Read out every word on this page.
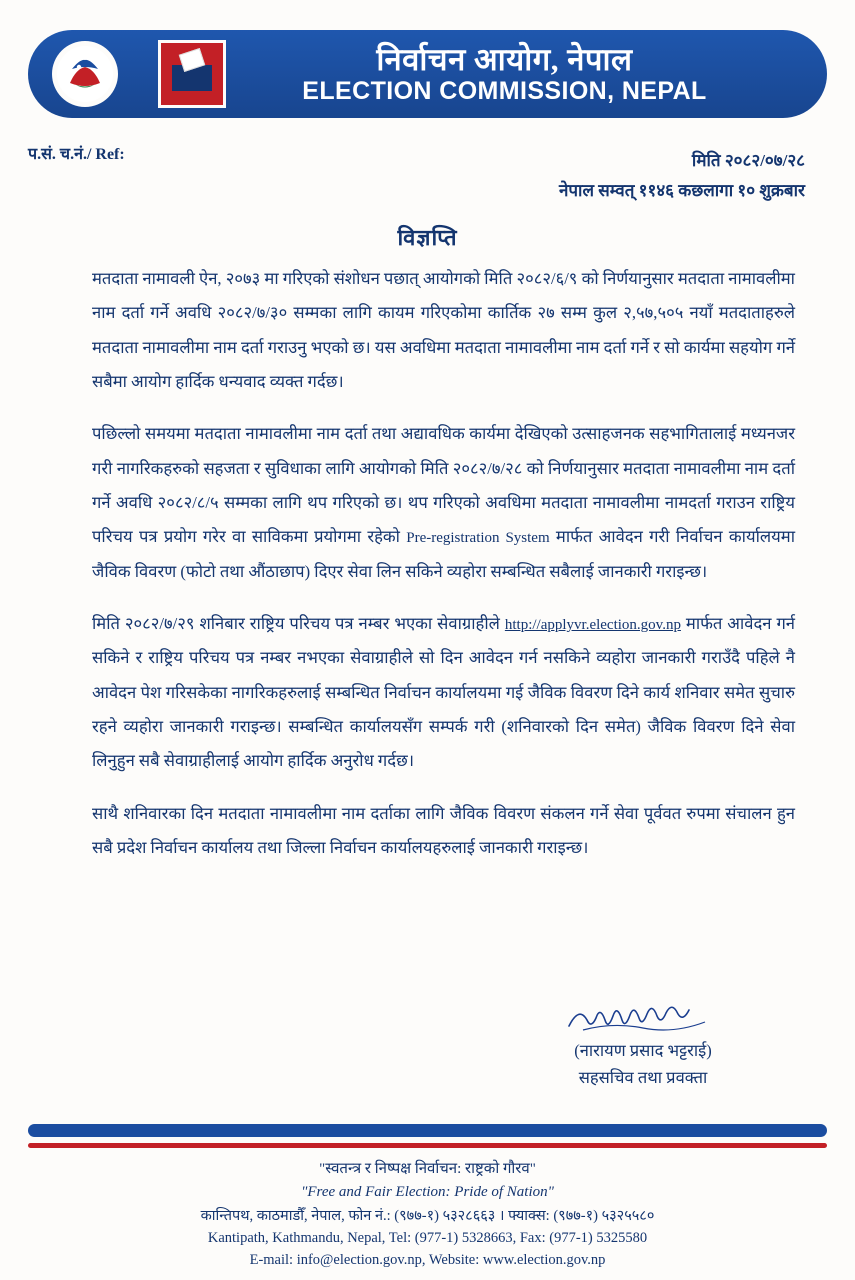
निर्वाचन आयोग, नेपाल
ELECTION COMMISSION, NEPAL
प.सं. च.नं./ Ref:	मिति २०८२/०७/२८
नेपाल सम्वत् ११४६ कछलागा १० शुक्रबार
विज्ञप्ति

मतदाता नामावली ऐन, २०७३ मा गरिएको संशोधन पछात् आयोगको मिति २०८२/६/९ को निर्णयानुसार मतदाता नामावलीमा नाम दर्ता गर्ने अवधि २०८२/७/३० सम्मका लागि कायम गरिएकोमा कार्तिक २७ सम्म कुल २,५७,५०५ नयाँ मतदाताहरुले मतदाता नामावलीमा नाम दर्ता गराउनु भएको छ। यस अवधिमा मतदाता नामावलीमा नाम दर्ता गर्ने र सो कार्यमा सहयोग गर्ने सबैमा आयोग हार्दिक धन्यवाद व्यक्त गर्दछ।

पछिल्लो समयमा मतदाता नामावलीमा नाम दर्ता तथा अद्यावधिक कार्यमा देखिएको उत्साहजनक सहभागितालाई मध्यनजर गरी नागरिकहरुको सहजता र सुविधाका लागि आयोगको मिति २०८२/७/२८ को निर्णयानुसार मतदाता नामावलीमा नाम दर्ता गर्ने अवधि २०८२/८/५ सम्मका लागि थप गरिएको छ। थप गरिएको अवधिमा मतदाता नामावलीमा नामदर्ता गराउन राष्ट्रिय परिचय पत्र प्रयोग गरेर वा साविकमा प्रयोगमा रहेको Pre-registration System मार्फत आवेदन गरी निर्वाचन कार्यालयमा जैविक विवरण (फोटो तथा औंठाछाप) दिएर सेवा लिन सकिने व्यहोरा सम्बन्धित सबैलाई जानकारी गराइन्छ।

मिति २०८२/७/२९ शनिबार राष्ट्रिय परिचय पत्र नम्बर भएका सेवाग्राहीले http://applyvr.election.gov.np मार्फत आवेदन गर्न सकिने र राष्ट्रिय परिचय पत्र नम्बर नभएका सेवाग्राहीले सो दिन आवेदन गर्न नसकिने व्यहोरा जानकारी गराउँदै पहिले नै आवेदन पेश गरिसकेका नागरिकहरुलाई सम्बन्धित निर्वाचन कार्यालयमा गई जैविक विवरण दिने कार्य शनिवार समेत सुचारु रहने व्यहोरा जानकारी गराइन्छ। सम्बन्धित कार्यालयसँग सम्पर्क गरी (शनिवारको दिन समेत) जैविक विवरण दिने सेवा लिनुहुन सबै सेवाग्राहीलाई आयोग हार्दिक अनुरोध गर्दछ।

साथै शनिवारका दिन मतदाता नामावलीमा नाम दर्ताका लागि जैविक विवरण संकलन गर्ने सेवा पूर्ववत रुपमा संचालन हुन सबै प्रदेश निर्वाचन कार्यालय तथा जिल्ला निर्वाचन कार्यालयहरुलाई जानकारी गराइन्छ।

(नारायण प्रसाद भट्टराई)
सहसचिव तथा प्रवक्ता
"स्वतन्त्र र निष्पक्ष निर्वाचन: राष्ट्रको गौरव"
"Free and Fair Election: Pride of Nation"
कान्तिपथ, काठमाडौँ, नेपाल, फोन नं.: (९७७-१) ५३२८६६३ । फ्याक्स: (९७७-१) ५३२५५८०
Kantipath, Kathmandu, Nepal, Tel: (977-1) 5328663, Fax: (977-1) 5325580
E-mail: info@election.gov.np, Website: www.election.gov.np
